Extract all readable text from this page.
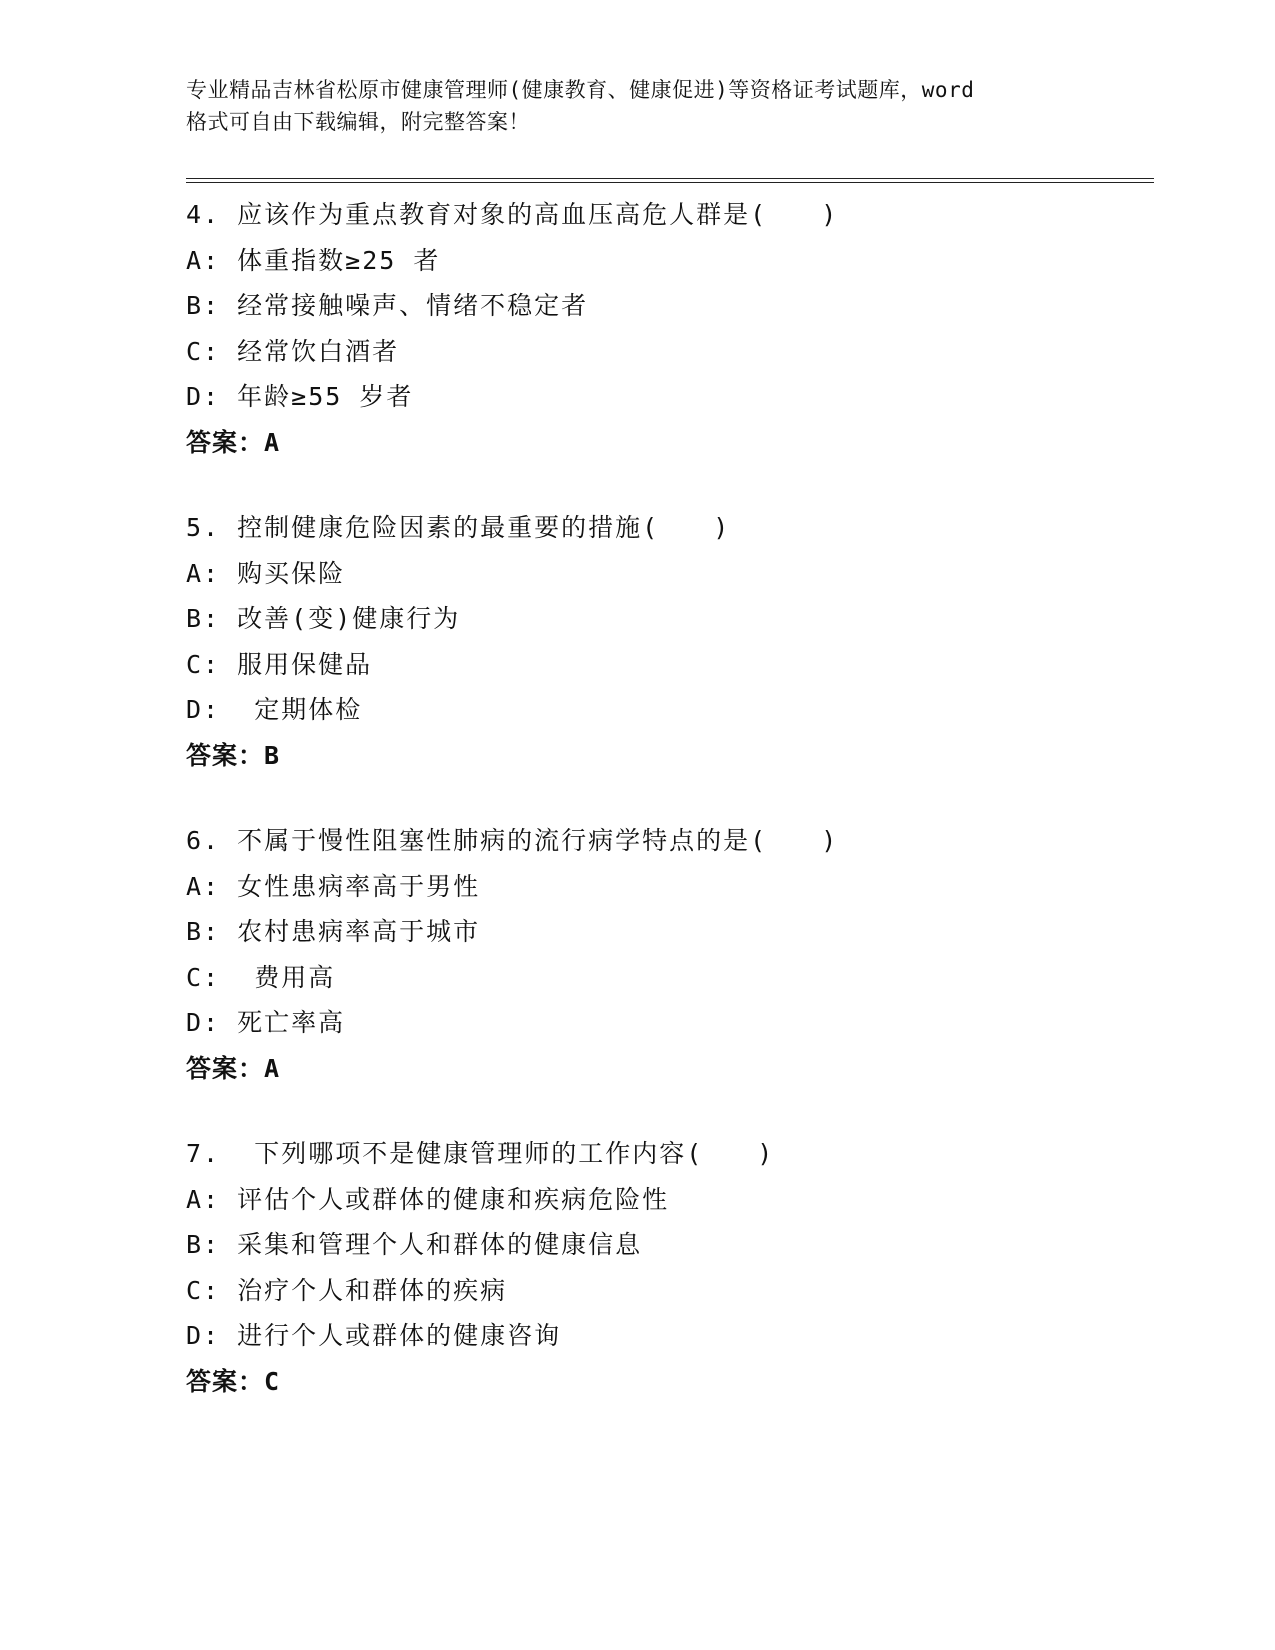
专业精品吉林省松原市健康管理师(健康教育、健康促进)等资格证考试题库，word

格式可自由下载编辑，附完整答案！

4. 应该作为重点教育对象的高血压高危人群是(　　)
A: 体重指数≥25 者
B: 经常接触噪声、情绪不稳定者
C: 经常饮白酒者
D: 年龄≥55 岁者
答案：A
5. 控制健康危险因素的最重要的措施(　　)
A: 购买保险
B: 改善(变)健康行为
C: 服用保健品
D:  定期体检
答案：B
6. 不属于慢性阻塞性肺病的流行病学特点的是(　　)
A: 女性患病率高于男性
B: 农村患病率高于城市
C:  费用高
D: 死亡率高
答案：A
7.  下列哪项不是健康管理师的工作内容(　　)
A: 评估个人或群体的健康和疾病危险性
B: 采集和管理个人和群体的健康信息
C: 治疗个人和群体的疾病
D: 进行个人或群体的健康咨询
答案：C
